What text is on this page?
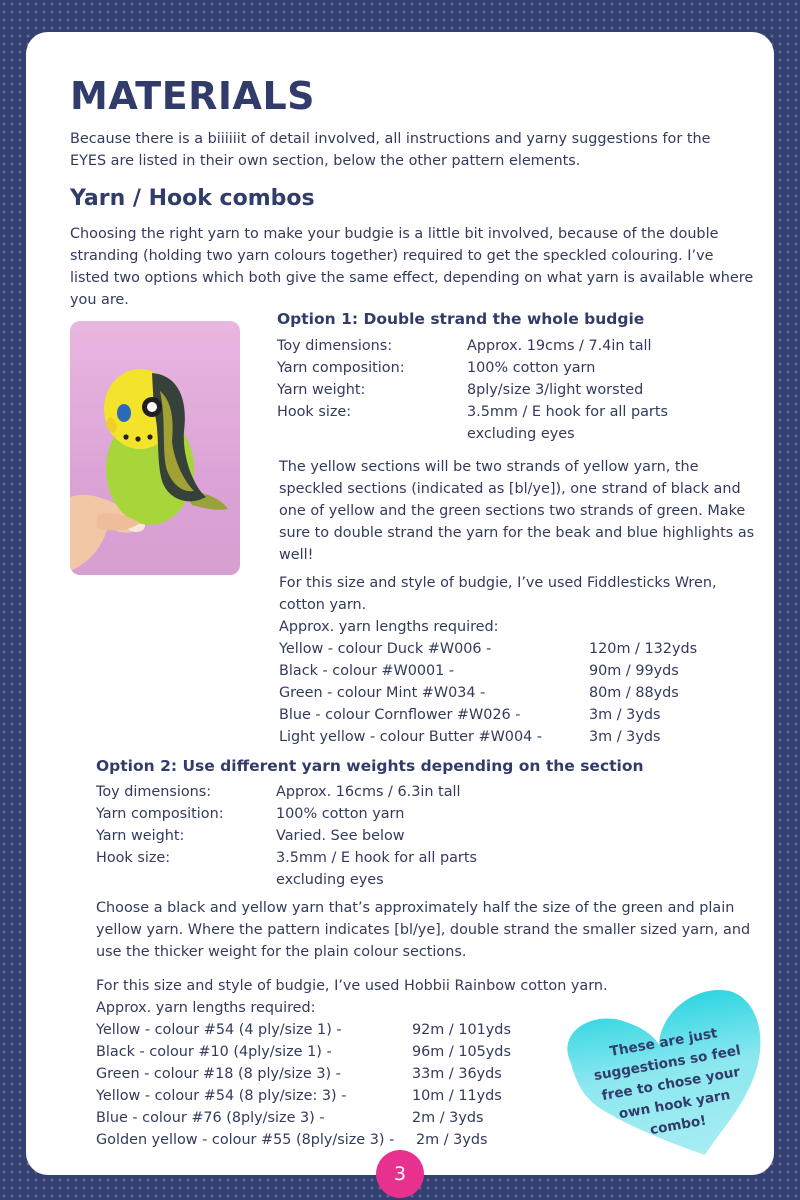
MATERIALS

Because there is a biiiiiit of detail involved, all instructions and yarny suggestions for the EYES are listed in their own section, below the other pattern elements.

Yarn / Hook combos

Choosing the right yarn to make your budgie is a little bit involved, because of the double stranding (holding two yarn colours together) required to get the speckled colouring. I’ve listed two options which both give the same effect, depending on what yarn is available where you are.

Option 1: Double strand the whole budgie
Toy dimensions:	Approx. 19cms / 7.4in tall
Yarn composition:	100% cotton yarn
Yarn weight:	8ply/size 3/light worsted
Hook size:	3.5mm / E hook for all parts excluding eyes

The yellow sections will be two strands of yellow yarn, the speckled sections (indicated as [bl/ye]), one strand of black and one of yellow and the green sections two strands of green. Make sure to double strand the yarn for the beak and blue highlights as well!

For this size and style of budgie, I’ve used Fiddlesticks Wren, cotton yarn.

Approx. yarn lengths required:

Yellow - colour Duck #W006 -	120m / 132yds
Black - colour #W0001 -	90m / 99yds
Green - colour Mint #W034 -	80m / 88yds
Blue - colour Cornflower #W026 -	3m / 3yds
Light yellow - colour Butter #W004 -	3m / 3yds
Option 2: Use different yarn weights depending on the section
Toy dimensions:	Approx. 16cms / 6.3in tall
Yarn composition:	100% cotton yarn
Yarn weight:	Varied. See below
Hook size:	3.5mm / E hook for all parts excluding eyes

Choose a black and yellow yarn that’s approximately half the size of the green and plain yellow yarn. Where the pattern indicates [bl/ye], double strand the smaller sized yarn, and use the thicker weight for the plain colour sections.

For this size and style of budgie, I’ve used Hobbii Rainbow cotton yarn.

Approx. yarn lengths required:

Yellow - colour #54 (4 ply/size 1) -	92m / 101yds
Black - colour #10 (4ply/size 1) -	96m / 105yds
Green - colour #18 (8 ply/size 3) -	33m / 36yds
Yellow - colour #54 (8 ply/size: 3) -	10m / 11yds
Blue - colour #76 (8ply/size 3) -	2m / 3yds
Golden yellow - colour #55 (8ply/size 3) -	2m / 3yds
These are just suggestions so feel free to chose your own hook yarn combo!
3
